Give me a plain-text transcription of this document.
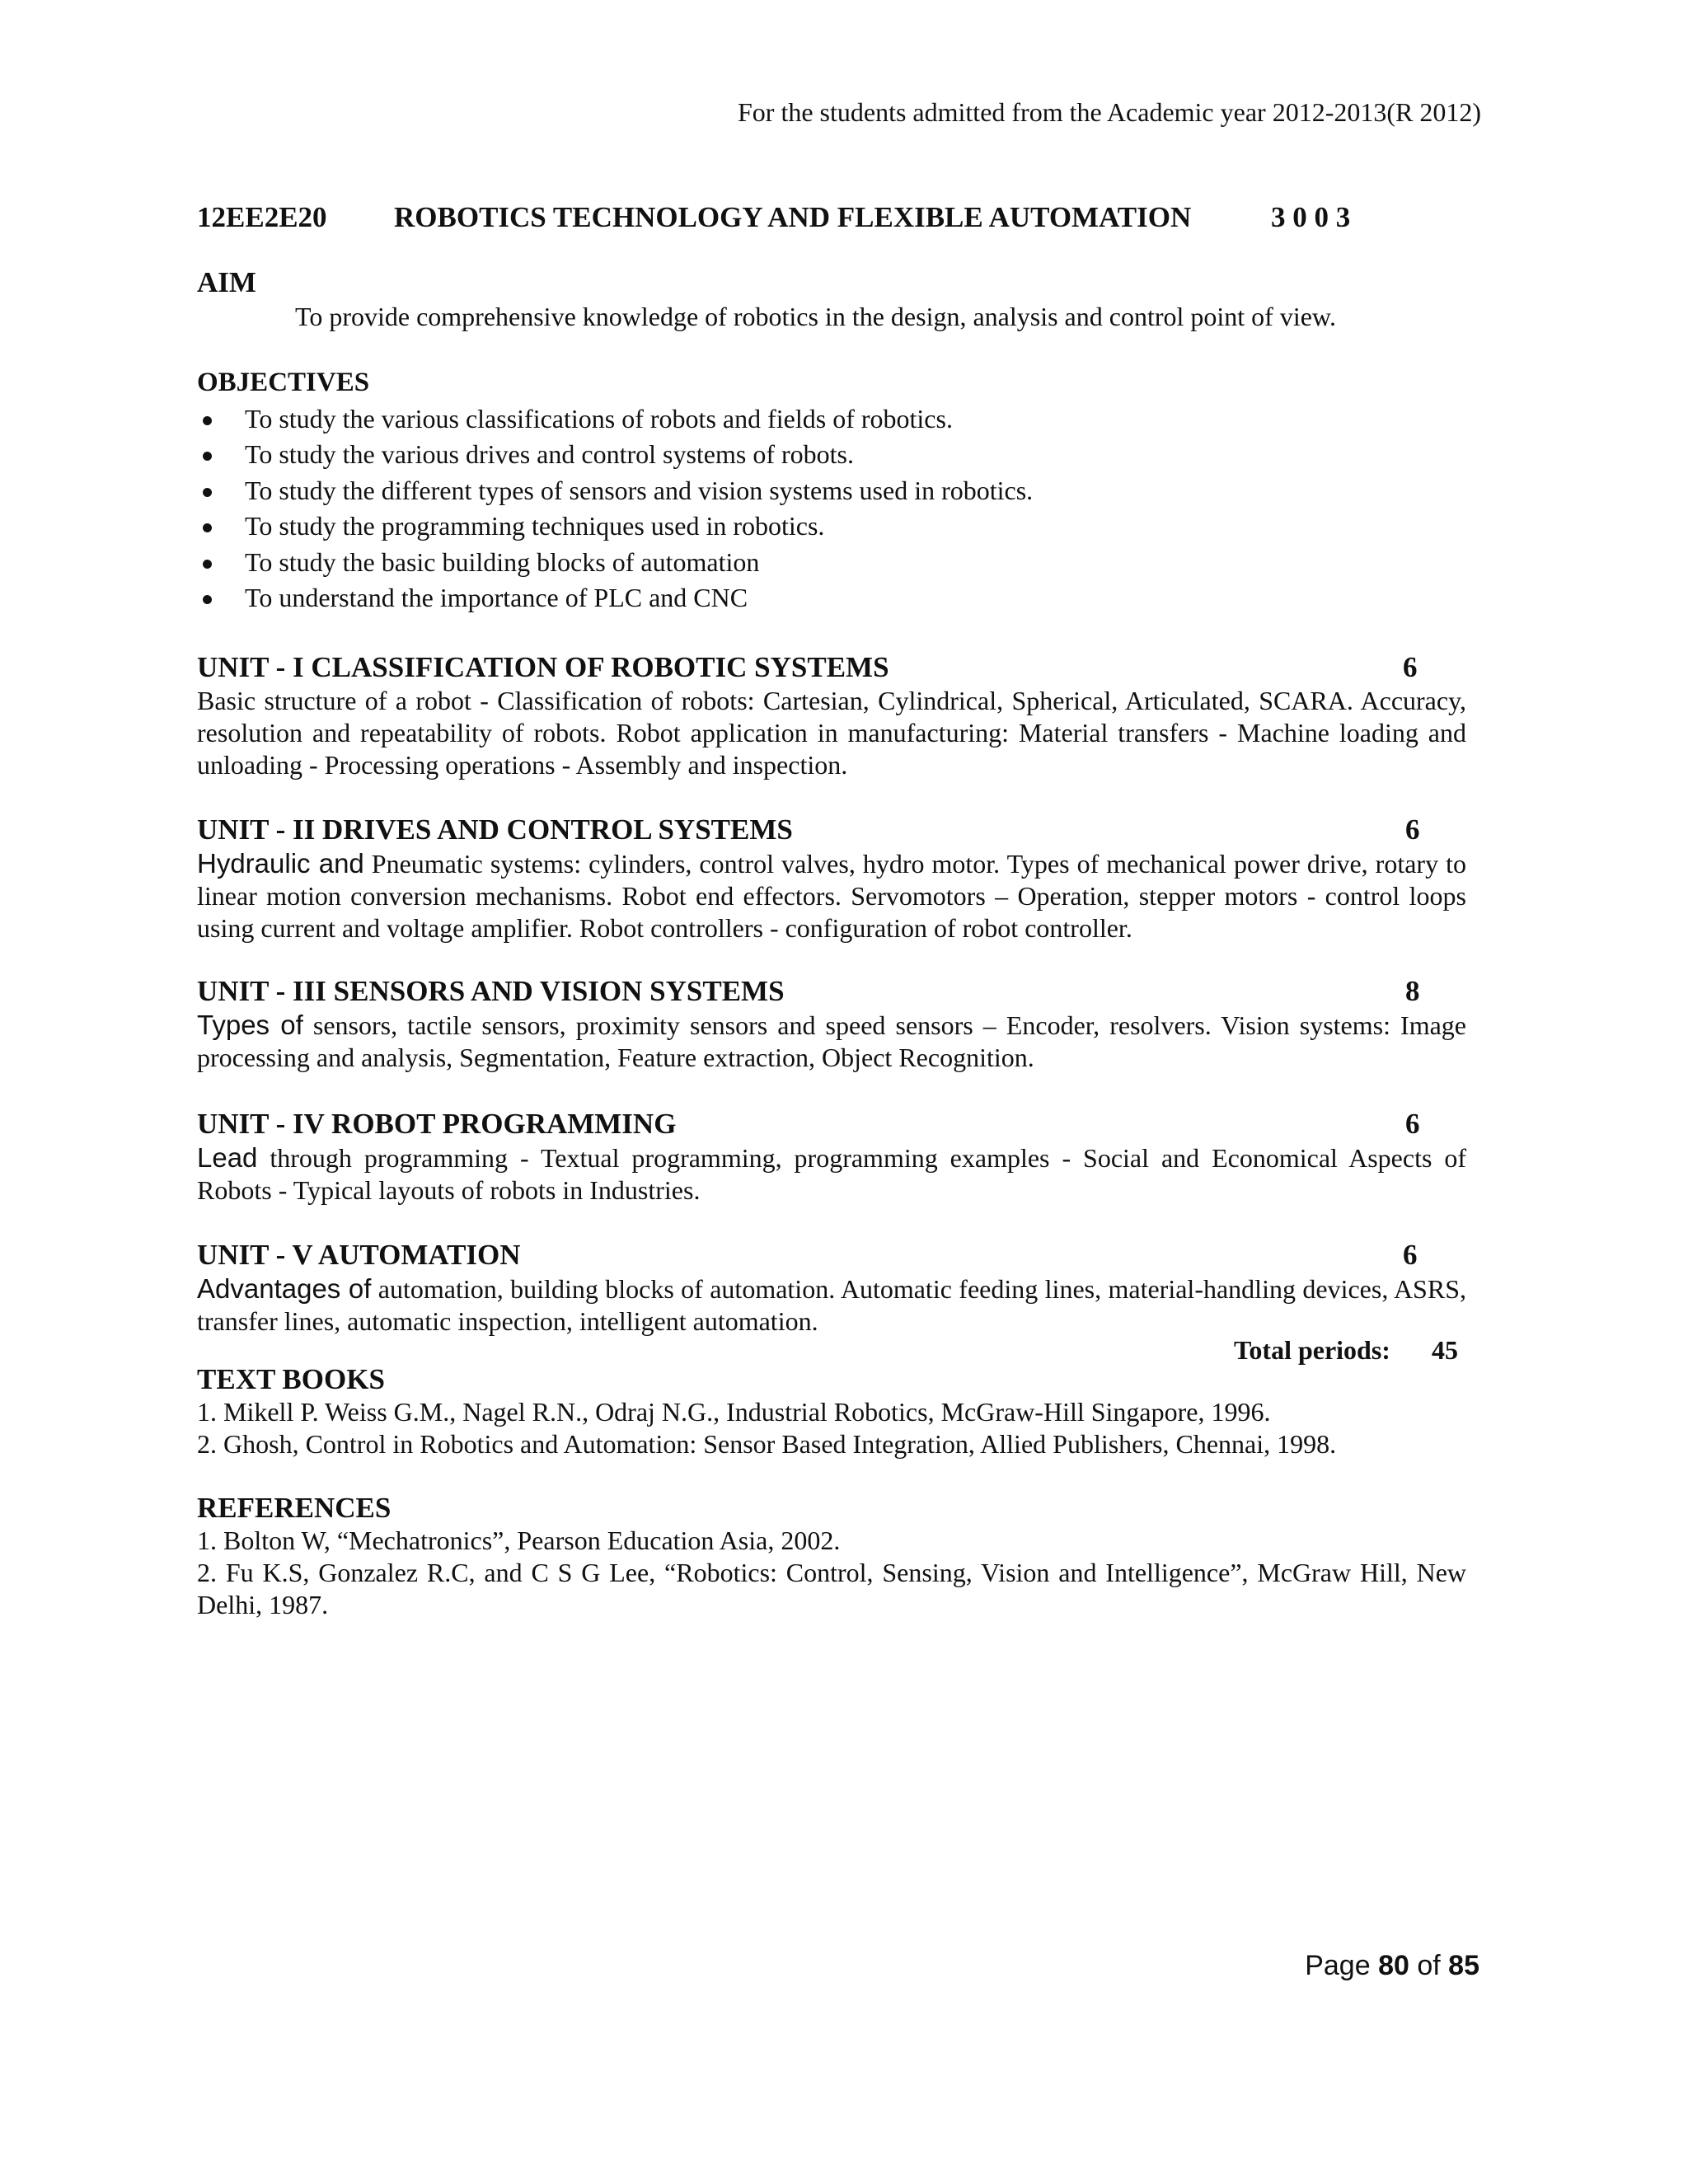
For the students admitted from the Academic year 2012-2013(R 2012)
12EE2E20 ROBOTICS TECHNOLOGY AND FLEXIBLE AUTOMATION	3 0 0 3
AIM
To provide comprehensive knowledge of robotics in the design, analysis and control point of view.
OBJECTIVES
To study the various classifications of robots and fields of robotics.
To study the various drives and control systems of robots.
To study the different types of sensors and vision systems used in robotics.
To study the programming techniques used in robotics.
To study the basic building blocks of automation
To understand the importance of PLC and CNC
UNIT - I CLASSIFICATION OF ROBOTIC SYSTEMS	6
Basic structure of a robot - Classification of robots: Cartesian, Cylindrical, Spherical, Articulated, SCARA. Accuracy, resolution and repeatability of robots. Robot application in manufacturing: Material transfers - Machine loading and unloading - Processing operations - Assembly and inspection.
UNIT - II DRIVES AND CONTROL SYSTEMS	6
Hydraulic and Pneumatic systems: cylinders, control valves, hydro motor. Types of mechanical power drive, rotary to linear motion conversion mechanisms. Robot end effectors. Servomotors – Operation, stepper motors - control loops using current and voltage amplifier. Robot controllers - configuration of robot controller.
UNIT - III SENSORS AND VISION SYSTEMS	8
Types of sensors, tactile sensors, proximity sensors and speed sensors – Encoder, resolvers. Vision systems: Image processing and analysis, Segmentation, Feature extraction, Object Recognition.
UNIT - IV ROBOT PROGRAMMING	6
Lead through programming - Textual programming, programming examples - Social and Economical Aspects of Robots - Typical layouts of robots in Industries.
UNIT - V AUTOMATION	6
Advantages of automation, building blocks of automation. Automatic feeding lines, material-handling devices, ASRS, transfer lines, automatic inspection, intelligent automation.
Total periods: 45
TEXT BOOKS
1. Mikell P. Weiss G.M., Nagel R.N., Odraj N.G., Industrial Robotics, McGraw-Hill Singapore, 1996.
2. Ghosh, Control in Robotics and Automation: Sensor Based Integration, Allied Publishers, Chennai, 1998.
REFERENCES
1. Bolton W, “Mechatronics”, Pearson Education Asia, 2002.
2. Fu K.S, Gonzalez R.C, and C S G Lee, “Robotics: Control, Sensing, Vision and Intelligence”, McGraw Hill, New Delhi, 1987.
Page 80 of 85
